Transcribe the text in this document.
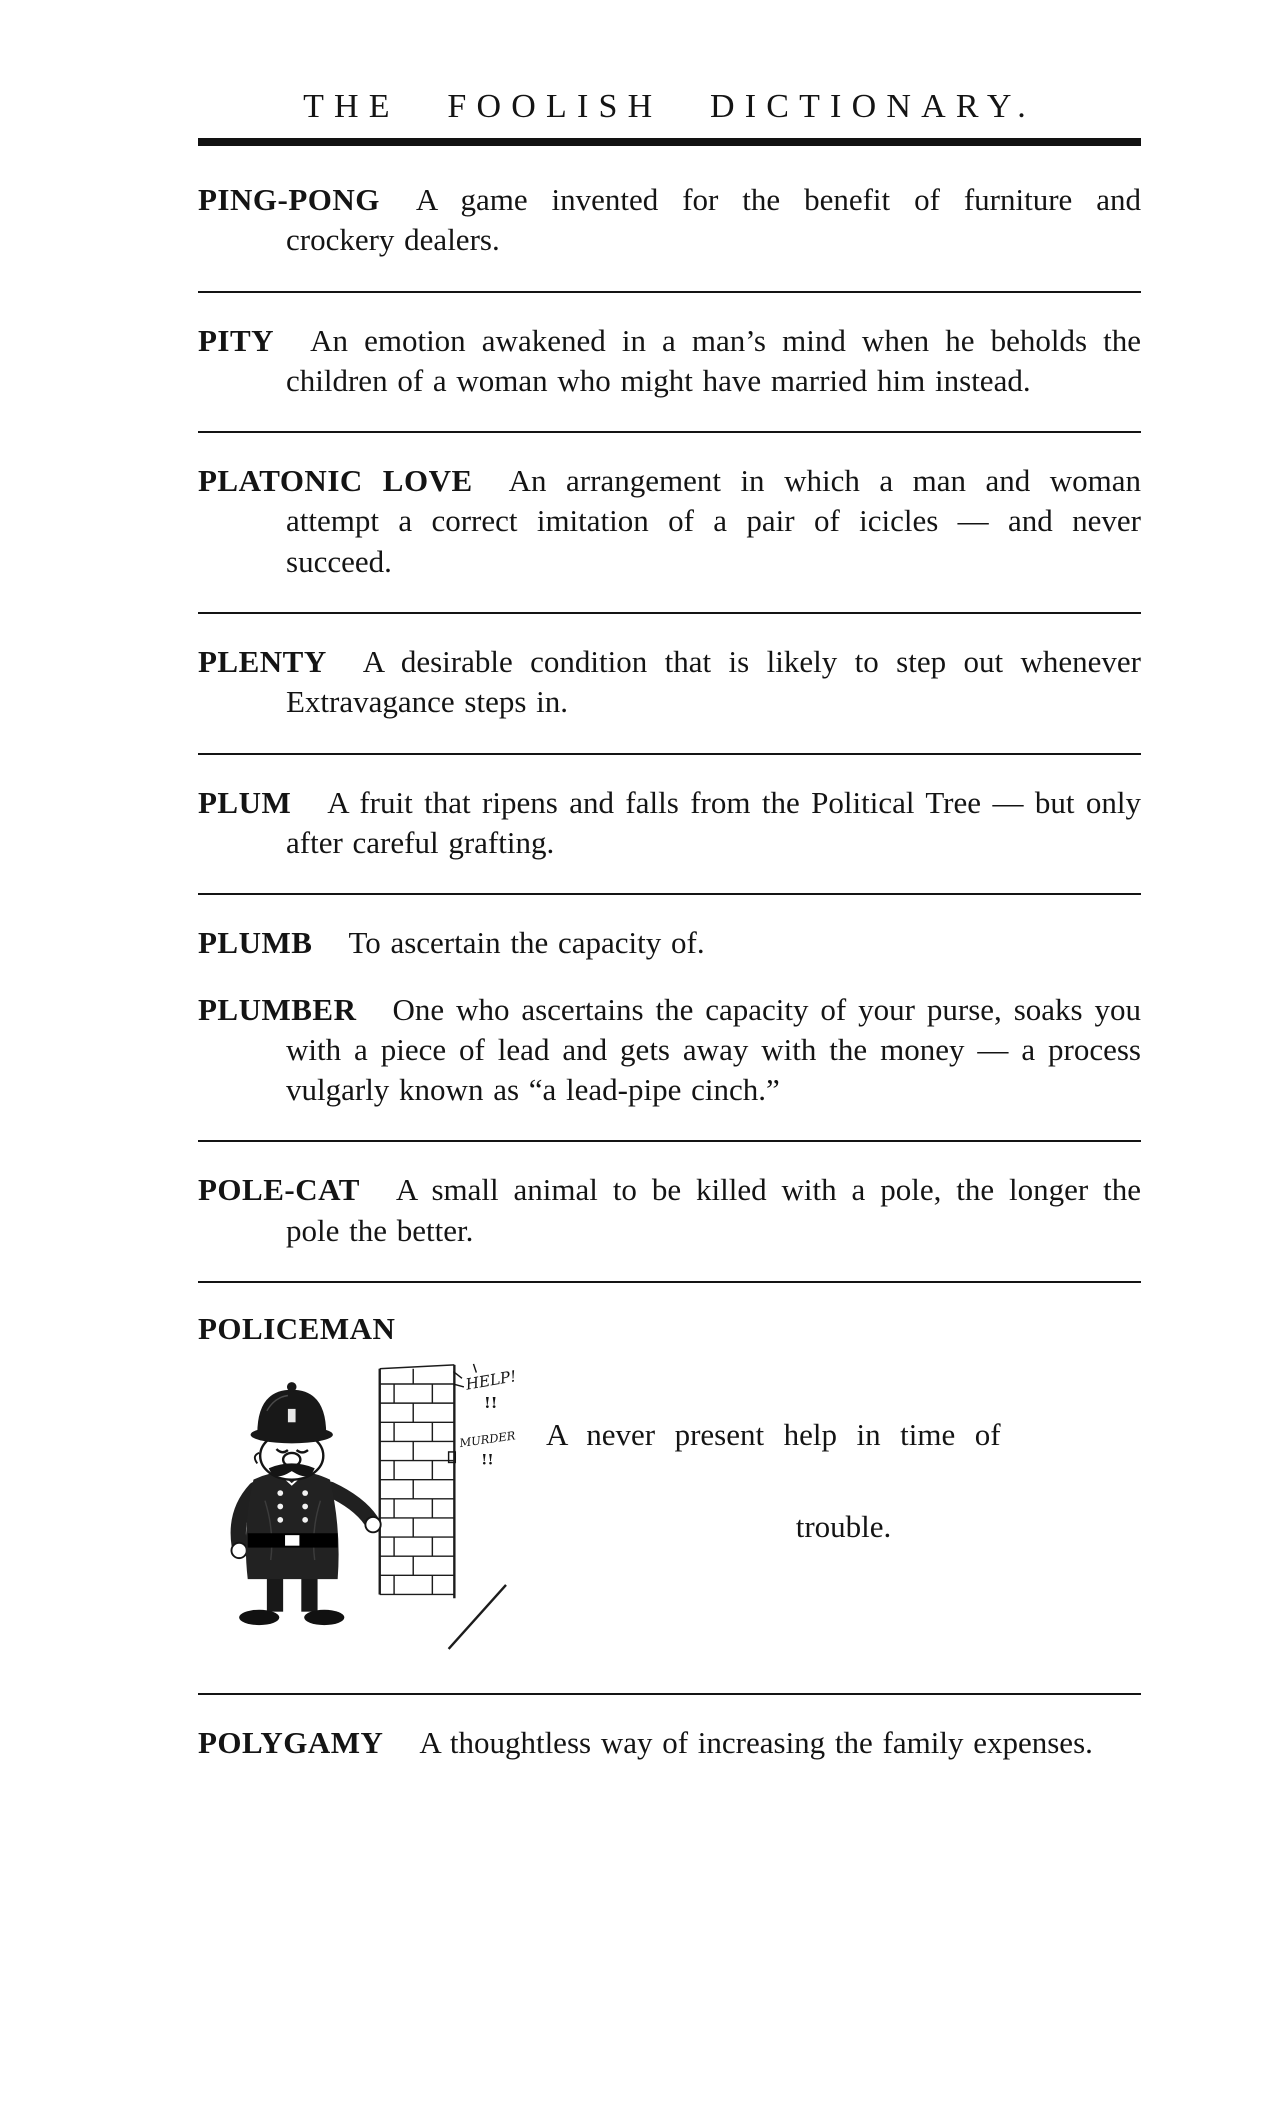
THE FOOLISH DICTIONARY.

PING-PONG A game invented for the benefit of furniture and crockery dealers.

PITY An emotion awakened in a man’s mind when he beholds the children of a woman who might have married him instead.

PLATONIC LOVE An arrangement in which a man and woman attempt a correct imitation of a pair of icicles — and never succeed.

PLENTY A desirable condition that is likely to step out whenever Extravagance steps in.

PLUM A fruit that ripens and falls from the Political Tree — but only after careful grafting.

PLUMB To ascertain the capacity of.

PLUMBER One who ascertains the capacity of your purse, soaks you with a piece of lead and gets away with the money — a process vulgarly known as “a lead-pipe cinch.”

POLE-CAT A small animal to be killed with a pole, the longer the pole the better.

POLICEMAN

HELP!
!!
MURDER
!!
A never present help in time of
trouble.

POLYGAMY A thoughtless way of increasing the family expenses.
